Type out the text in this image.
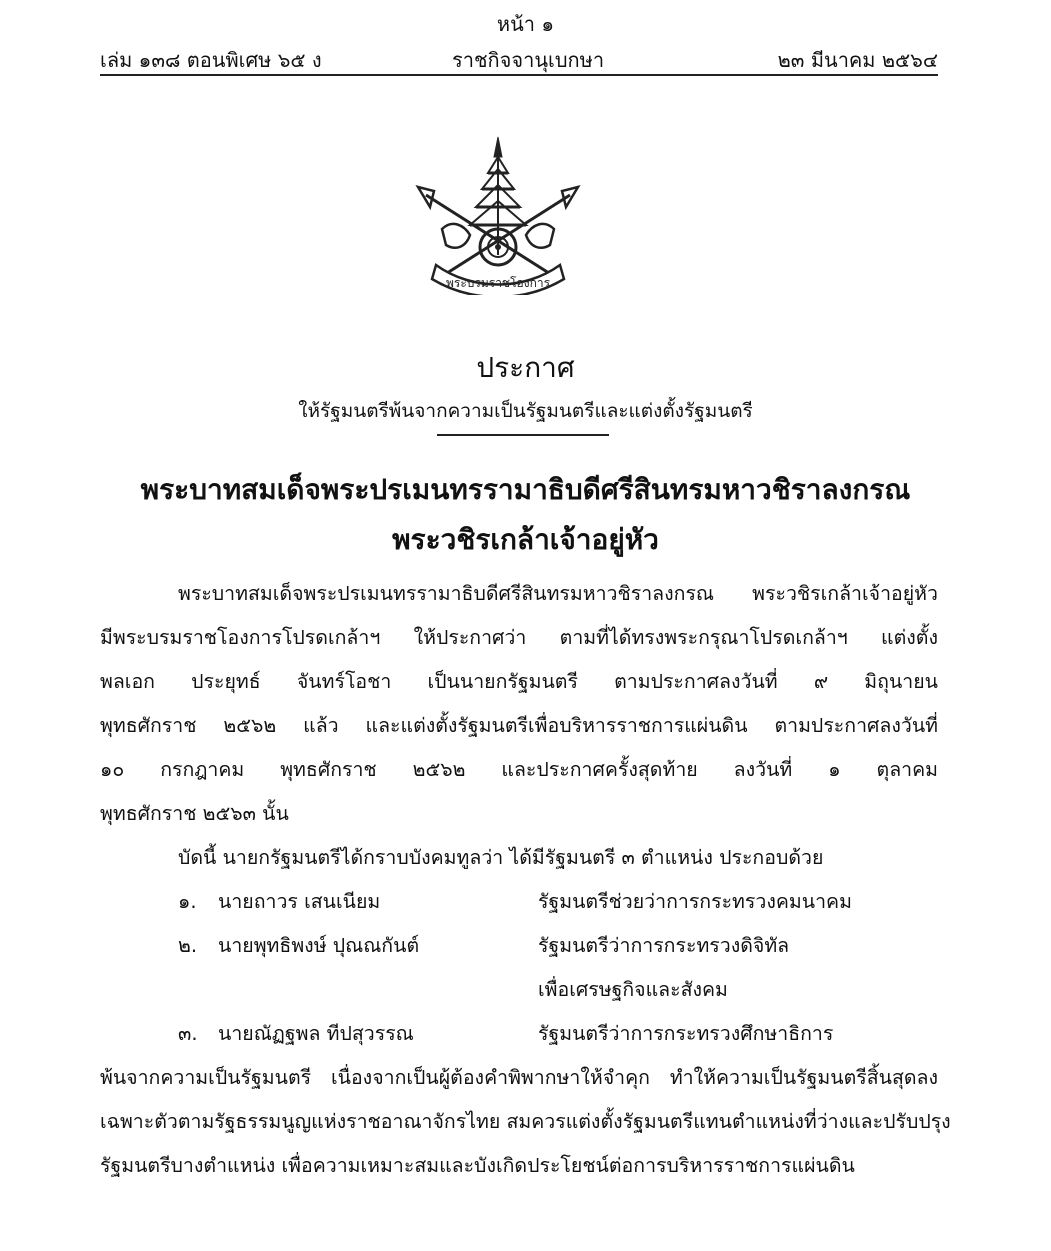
หน้า ๑
เล่ม ๑๓๘ ตอนพิเศษ ๖๕ ง	ราชกิจจานุเบกษา	๒๓ มีนาคม ๒๕๖๔
พระบรมราชโองการ
ประกาศ
ให้รัฐมนตรีพ้นจากความเป็นรัฐมนตรีและแต่งตั้งรัฐมนตรี
พระบาทสมเด็จพระปรเมนทรรามาธิบดีศรีสินทรมหาวชิราลงกรณ
พระวชิรเกล้าเจ้าอยู่หัว
พระบาทสมเด็จพระปรเมนทรรามาธิบดีศรีสินทรมหาวชิราลงกรณ พระวชิรเกล้าเจ้าอยู่หัว
มีพระบรมราชโองการโปรดเกล้าฯ ให้ประกาศว่า ตามที่ได้ทรงพระกรุณาโปรดเกล้าฯ แต่งตั้ง
พลเอก ประยุทธ์ จันทร์โอชา เป็นนายกรัฐมนตรี ตามประกาศลงวันที่ ๙ มิถุนายน
พุทธศักราช ๒๕๖๒ แล้ว และแต่งตั้งรัฐมนตรีเพื่อบริหารราชการแผ่นดิน ตามประกาศลงวันที่
๑๐ กรกฎาคม พุทธศักราช ๒๕๖๒ และประกาศครั้งสุดท้าย ลงวันที่ ๑ ตุลาคม
พุทธศักราช ๒๕๖๓ นั้น
บัดนี้ นายกรัฐมนตรีได้กราบบังคมทูลว่า ได้มีรัฐมนตรี ๓ ตำแหน่ง ประกอบด้วย
๑. นายถาวร เสนเนียม	รัฐมนตรีช่วยว่าการกระทรวงคมนาคม
๒. นายพุทธิพงษ์ ปุณณกันต์	รัฐมนตรีว่าการกระทรวงดิจิทัล
เพื่อเศรษฐกิจและสังคม
๓. นายณัฏฐพล ทีปสุวรรณ	รัฐมนตรีว่าการกระทรวงศึกษาธิการ
พ้นจากความเป็นรัฐมนตรี เนื่องจากเป็นผู้ต้องคำพิพากษาให้จำคุก ทำให้ความเป็นรัฐมนตรีสิ้นสุดลง
เฉพาะตัวตามรัฐธรรมนูญแห่งราชอาณาจักรไทย สมควรแต่งตั้งรัฐมนตรีแทนตำแหน่งที่ว่างและปรับปรุง
รัฐมนตรีบางตำแหน่ง เพื่อความเหมาะสมและบังเกิดประโยชน์ต่อการบริหารราชการแผ่นดิน
